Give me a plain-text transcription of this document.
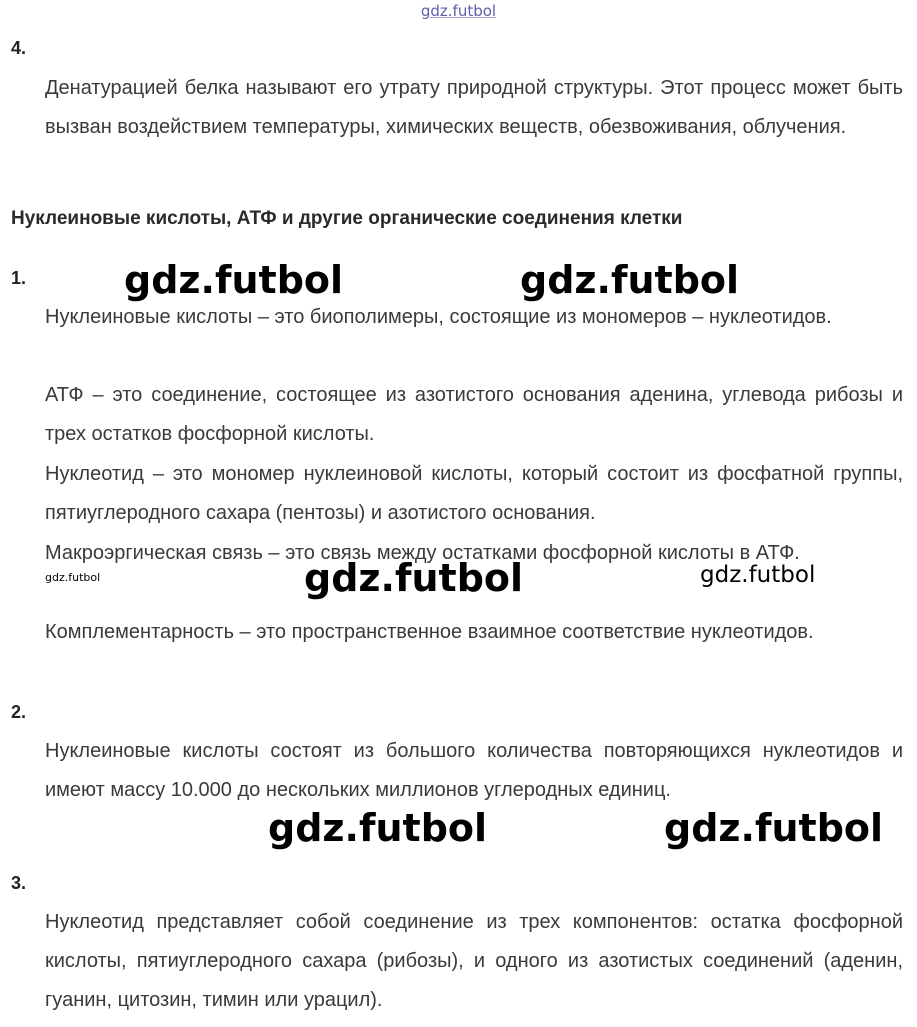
gdz.futbol
4.

Денатурацией белка называют его утрату природной структуры. Этот процесс может быть вызван воздействием температуры, химических веществ, обезвоживания, облучения.

Нуклеиновые кислоты, АТФ и другие органические соединения клетки
1.

Нуклеиновые кислоты – это биополимеры, состоящие из мономеров – нуклеотидов.

АТФ – это соединение, состоящее из азотистого основания аденина, углевода рибозы и трех остатков фосфорной кислоты.

Нуклеотид – это мономер нуклеиновой кислоты, который состоит из фосфатной группы, пятиуглеродного сахара (пентозы) и азотистого основания.

Макроэргическая связь – это связь между остатками фосфорной кислоты в АТФ.

Комплементарность – это пространственное взаимное соответствие нуклеотидов.

2.

Нуклеиновые кислоты состоят из большого количества повторяющихся нуклеотидов и имеют массу 10.000 до нескольких миллионов углеродных единиц.

3.

Нуклеотид представляет собой соединение из трех компонентов: остатка фосфорной кислоты, пятиуглеродного сахара (рибозы), и одного из азотистых соединений (аденин, гуанин, цитозин, тимин или урацил).

gdz.futbol	gdz.futbol
gdz.futbol	gdz.futbol	gdz.futbol
gdz.futbol	gdz.futbol
